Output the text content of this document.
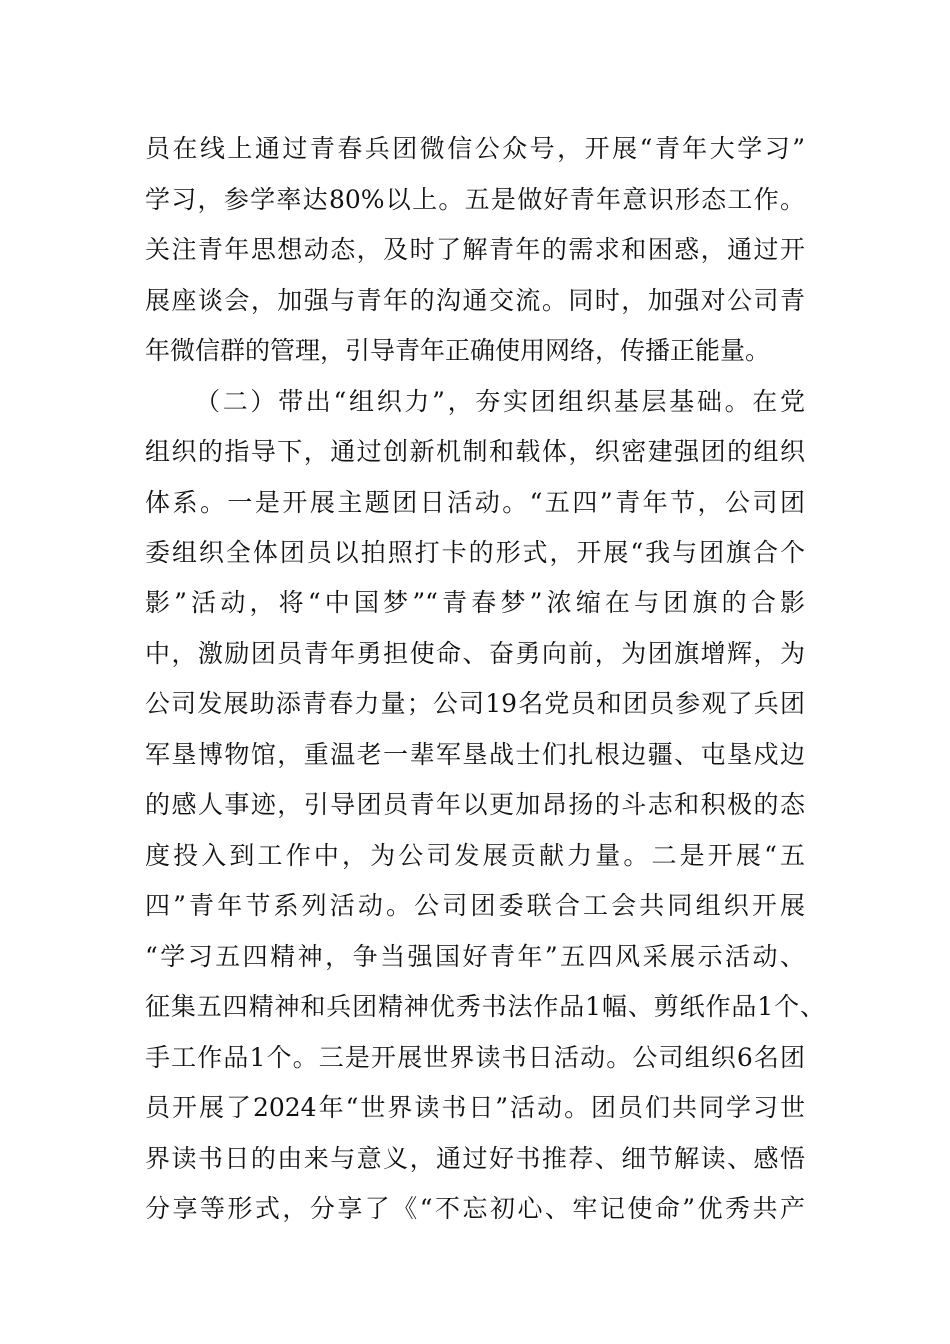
员在线上通过青春兵团微信公众号，开展“青年大学习”
学习，参学率达80%以上。五是做好青年意识形态工作。
关注青年思想动态，及时了解青年的需求和困惑，通过开
展座谈会，加强与青年的沟通交流。同时，加强对公司青
年微信群的管理，引导青年正确使用网络，传播正能量。
（二）带出“组织力”，夯实团组织基层基础。在党
组织的指导下，通过创新机制和载体，织密建强团的组织
体系。一是开展主题团日活动。“五四”青年节，公司团
委组织全体团员以拍照打卡的形式，开展“我与团旗合个
影”活动，将“中国梦”“青春梦”浓缩在与团旗的合影
中，激励团员青年勇担使命、奋勇向前，为团旗增辉，为
公司发展助添青春力量；公司19名党员和团员参观了兵团
军垦博物馆，重温老一辈军垦战士们扎根边疆、屯垦戍边
的感人事迹，引导团员青年以更加昂扬的斗志和积极的态
度投入到工作中，为公司发展贡献力量。二是开展“五
四”青年节系列活动。公司团委联合工会共同组织开展
“学习五四精神，争当强国好青年”五四风采展示活动、
征集五四精神和兵团精神优秀书法作品1幅、剪纸作品1个、
手工作品1个。三是开展世界读书日活动。公司组织6名团
员开展了2024年“世界读书日”活动。团员们共同学习世
界读书日的由来与意义，通过好书推荐、细节解读、感悟
分享等形式，分享了《“不忘初心、牢记使命”优秀共产
